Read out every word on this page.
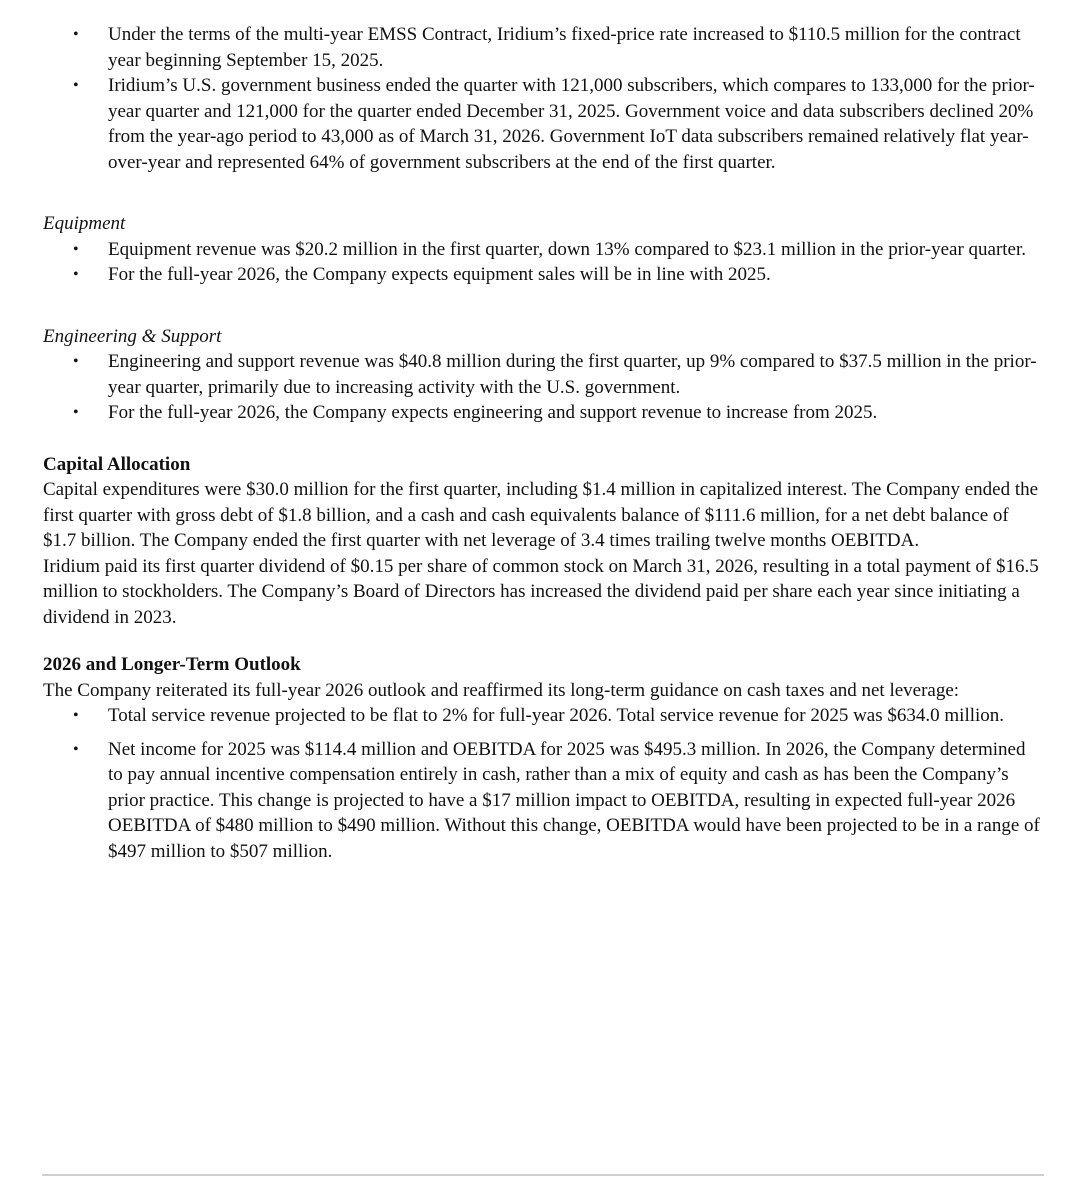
• Under the terms of the multi-year EMSS Contract, Iridium’s fixed-price rate increased to $110.5 million for the contract year beginning September 15, 2025.
• Iridium’s U.S. government business ended the quarter with 121,000 subscribers, which compares to 133,000 for the prior-year quarter and 121,000 for the quarter ended December 31, 2025. Government voice and data subscribers declined 20% from the year-ago period to 43,000 as of March 31, 2026. Government IoT data subscribers remained relatively flat year-over-year and represented 64% of government subscribers at the end of the first quarter.
Equipment
• Equipment revenue was $20.2 million in the first quarter, down 13% compared to $23.1 million in the prior-year quarter.
• For the full-year 2026, the Company expects equipment sales will be in line with 2025.
Engineering & Support
• Engineering and support revenue was $40.8 million during the first quarter, up 9% compared to $37.5 million in the prior-year quarter, primarily due to increasing activity with the U.S. government.
• For the full-year 2026, the Company expects engineering and support revenue to increase from 2025.
Capital Allocation

Capital expenditures were $30.0 million for the first quarter, including $1.4 million in capitalized interest. The Company ended the first quarter with gross debt of $1.8 billion, and a cash and cash equivalents balance of $111.6 million, for a net debt balance of $1.7 billion. The Company ended the first quarter with net leverage of 3.4 times trailing twelve months OEBITDA.

Iridium paid its first quarter dividend of $0.15 per share of common stock on March 31, 2026, resulting in a total payment of $16.5 million to stockholders. The Company’s Board of Directors has increased the dividend paid per share each year since initiating a dividend in 2023.

2026 and Longer-Term Outlook

The Company reiterated its full-year 2026 outlook and reaffirmed its long-term guidance on cash taxes and net leverage:

• Total service revenue projected to be flat to 2% for full-year 2026. Total service revenue for 2025 was $634.0 million.
• Net income for 2025 was $114.4 million and OEBITDA for 2025 was $495.3 million. In 2026, the Company determined to pay annual incentive compensation entirely in cash, rather than a mix of equity and cash as has been the Company’s prior practice. This change is projected to have a $17 million impact to OEBITDA, resulting in expected full-year 2026 OEBITDA of $480 million to $490 million. Without this change, OEBITDA would have been projected to be in a range of $497 million to $507 million.
